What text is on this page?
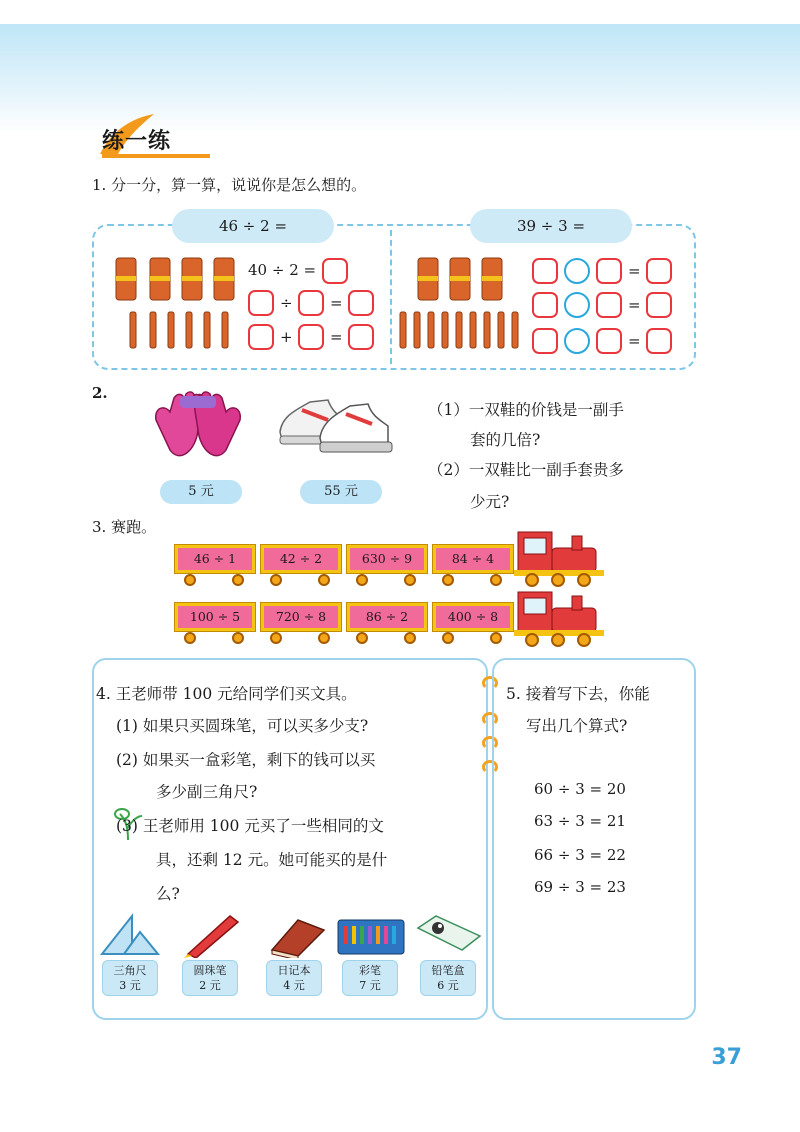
练一练
1. 分一分，算一算，说说你是怎么想的。
46 ÷ 2 =	39 ÷ 3 =
40 ÷ 2 =
÷ =
+ =
=
=
=
2.
5 元	55 元
（1）一双鞋的价钱是一副手
套的几倍?
（2）一双鞋比一副手套贵多
少元?
3. 赛跑。
46 ÷ 1	42 ÷ 2	630 ÷ 9	84 ÷ 4
100 ÷ 5	720 ÷ 8	86 ÷ 2	400 ÷ 8
4. 王老师带 100 元给同学们买文具。
(1) 如果只买圆珠笔，可以买多少支?
(2) 如果买一盒彩笔，剩下的钱可以买
多少副三角尺?
(3) 王老师用 100 元买了一些相同的文
具，还剩 12 元。她可能买的是什
么?
三角尺
3 元
圆珠笔
2 元
日记本
4 元
彩笔
7 元
铅笔盒
6 元
5. 接着写下去，你能
写出几个算式?
60 ÷ 3 = 20
63 ÷ 3 = 21
66 ÷ 3 = 22
69 ÷ 3 = 23
37
